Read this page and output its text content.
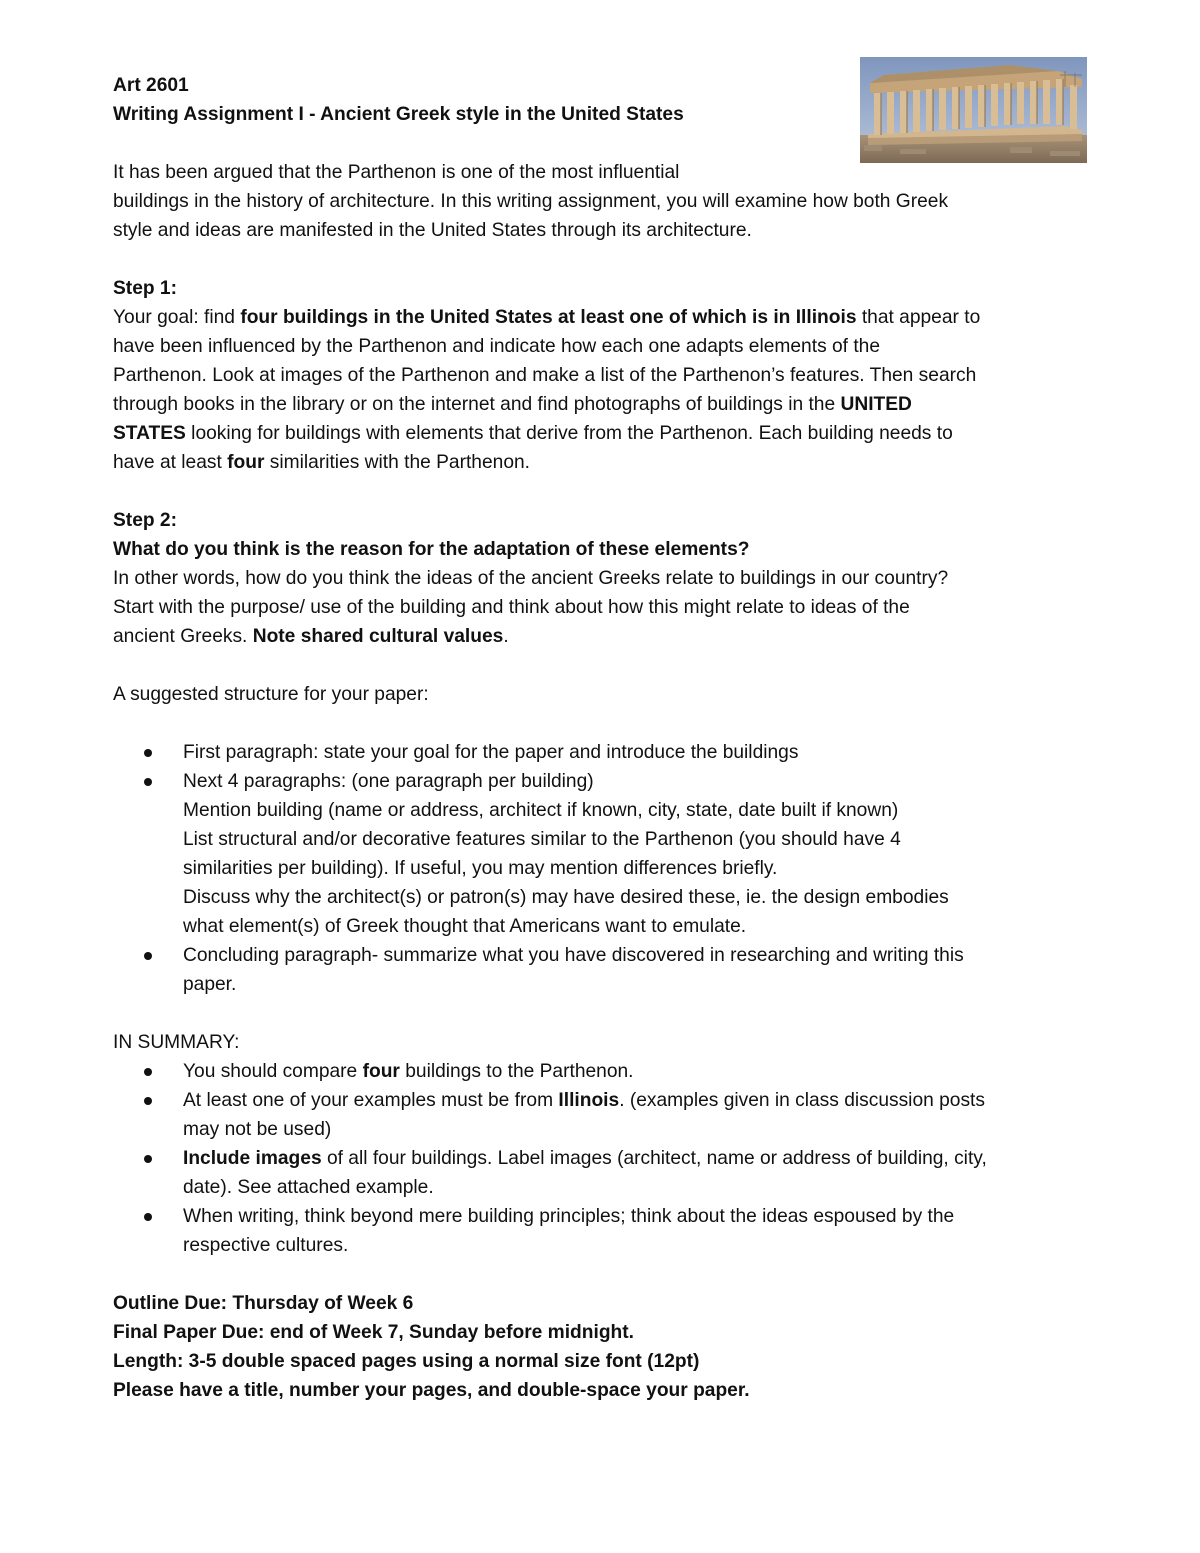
Art 2601
Writing Assignment I - Ancient Greek style in the United States
It has been argued that the Parthenon is one of the most influential
buildings in the history of architecture. In this writing assignment, you will examine how both Greek
style and ideas are manifested in the United States through its architecture.
Step 1:
Your goal: find four buildings in the United States at least one of which is in Illinois that appear to
have been influenced by the Parthenon and indicate how each one adapts elements of the
Parthenon. Look at images of the Parthenon and make a list of the Parthenon’s features. Then search
through books in the library or on the internet and find photographs of buildings in the UNITED
STATES looking for buildings with elements that derive from the Parthenon. Each building needs to
have at least four similarities with the Parthenon.
Step 2:
What do you think is the reason for the adaptation of these elements?
In other words, how do you think the ideas of the ancient Greeks relate to buildings in our country?
Start with the purpose/ use of the building and think about how this might relate to ideas of the
ancient Greeks. Note shared cultural values.
A suggested structure for your paper:
First paragraph: state your goal for the paper and introduce the buildings
Next 4 paragraphs: (one paragraph per building)
Mention building (name or address, architect if known, city, state, date built if known)
List structural and/or decorative features similar to the Parthenon (you should have 4
similarities per building). If useful, you may mention differences briefly.
Discuss why the architect(s) or patron(s) may have desired these, ie. the design embodies
what element(s) of Greek thought that Americans want to emulate.
Concluding paragraph- summarize what you have discovered in researching and writing this
paper.
IN SUMMARY:
You should compare four buildings to the Parthenon.
At least one of your examples must be from Illinois. (examples given in class discussion posts
may not be used)
Include images of all four buildings. Label images (architect, name or address of building, city,
date). See attached example.
When writing, think beyond mere building principles; think about the ideas espoused by the
respective cultures.
Outline Due: Thursday of Week 6
Final Paper Due: end of Week 7, Sunday before midnight.
Length: 3-5 double spaced pages using a normal size font (12pt)
Please have a title, number your pages, and double-space your paper.
